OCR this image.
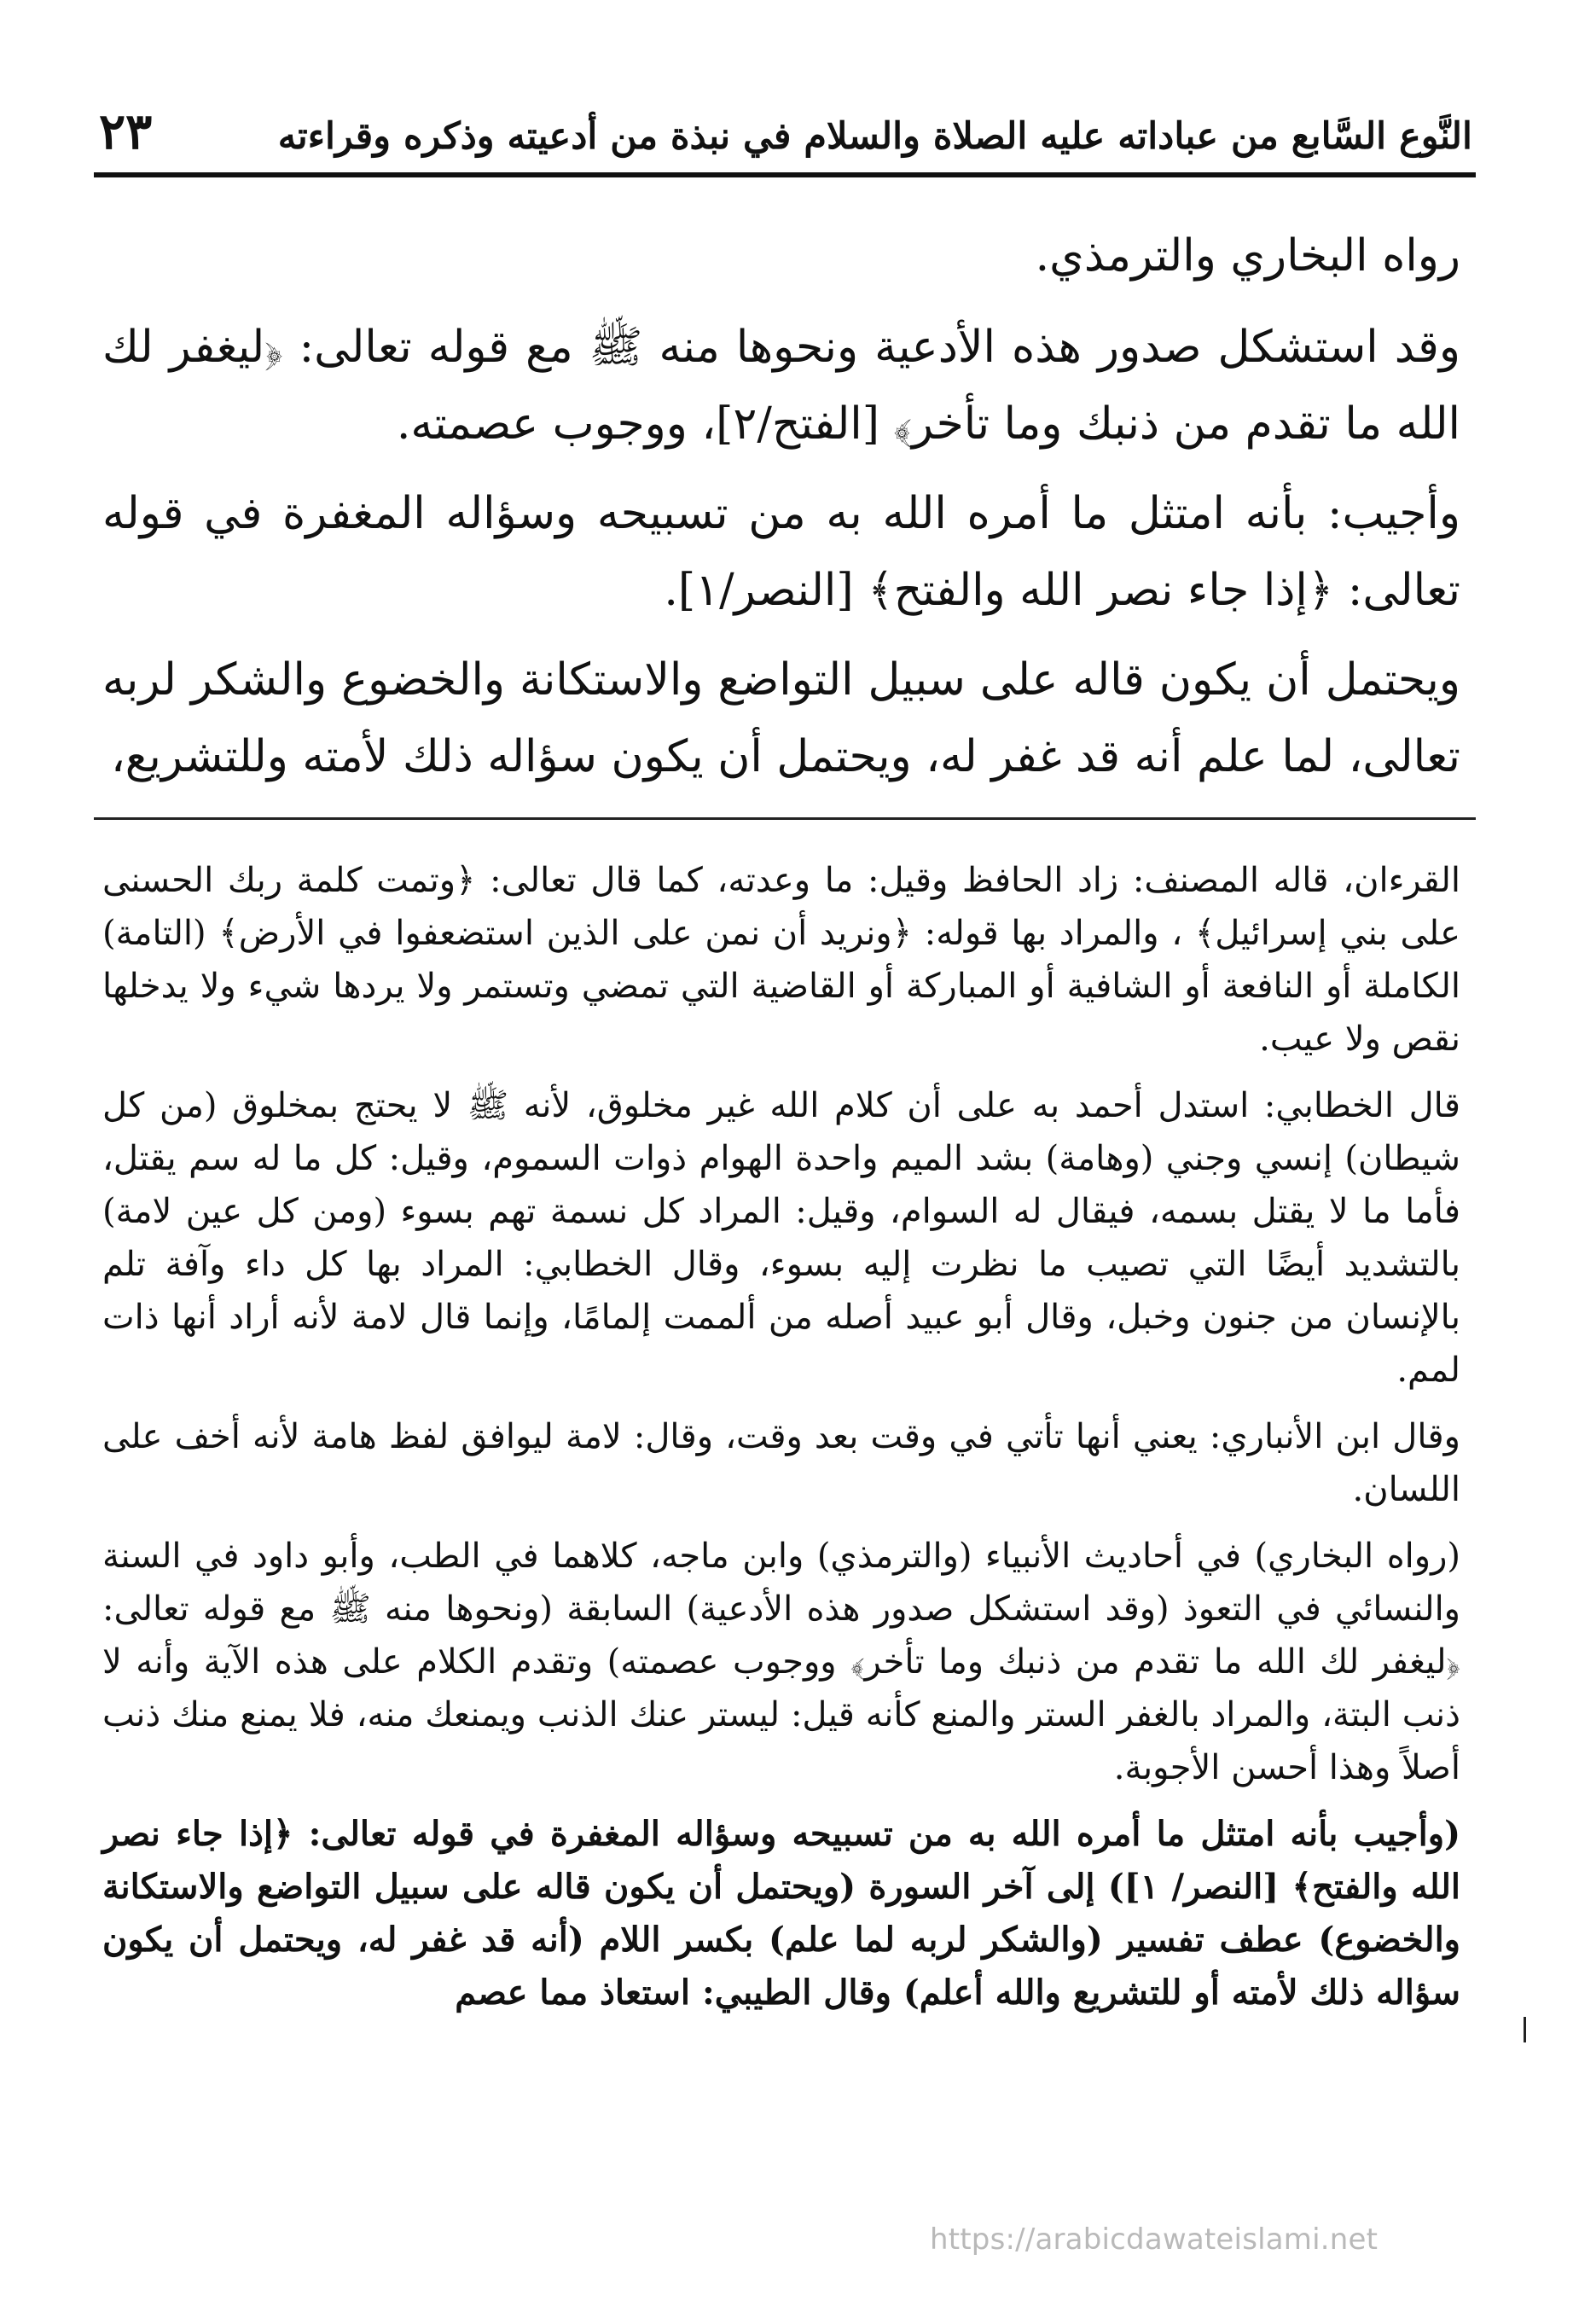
النَّوع السَّابع من عباداته عليه الصلاة والسلام في نبذة من أدعيته وذكره وقراءته
٢٣

رواه البخاري والترمذي.

وقد استشكل صدور هذه الأدعية ونحوها منه ﷺ مع قوله تعالى: ﴿ليغفر لك الله ما تقدم من ذنبك وما تأخر﴾ [الفتح/٢]، ووجوب عصمته.

وأجيب: بأنه امتثل ما أمره الله به من تسبيحه وسؤاله المغفرة في قوله تعالى: ﴿إذا جاء نصر الله والفتح﴾ [النصر/١].

ويحتمل أن يكون قاله على سبيل التواضع والاستكانة والخضوع والشكر لربه تعالى، لما علم أنه قد غفر له، ويحتمل أن يكون سؤاله ذلك لأمته وللتشريع،

القرءان، قاله المصنف: زاد الحافظ وقيل: ما وعدته، كما قال تعالى: ﴿وتمت كلمة ربك الحسنى على بني إسرائيل﴾ ، والمراد بها قوله: ﴿ونريد أن نمن على الذين استضعفوا في الأرض﴾ (التامة) الكاملة أو النافعة أو الشافية أو المباركة أو القاضية التي تمضي وتستمر ولا يردها شيء ولا يدخلها نقص ولا عيب.

قال الخطابي: استدل أحمد به على أن كلام الله غير مخلوق، لأنه ﷺ لا يحتج بمخلوق (من كل شيطان) إنسي وجني (وهامة) بشد الميم واحدة الهوام ذوات السموم، وقيل: كل ما له سم يقتل، فأما ما لا يقتل بسمه، فيقال له السوام، وقيل: المراد كل نسمة تهم بسوء (ومن كل عين لامة) بالتشديد أيضًا التي تصيب ما نظرت إليه بسوء، وقال الخطابي: المراد بها كل داء وآفة تلم بالإنسان من جنون وخبل، وقال أبو عبيد أصله من ألممت إلمامًا، وإنما قال لامة لأنه أراد أنها ذات لمم.

وقال ابن الأنباري: يعني أنها تأتي في وقت بعد وقت، وقال: لامة ليوافق لفظ هامة لأنه أخف على اللسان.

(رواه البخاري) في أحاديث الأنبياء (والترمذي) وابن ماجه، كلاهما في الطب، وأبو داود في السنة والنسائي في التعوذ (وقد استشكل صدور هذه الأدعية) السابقة (ونحوها منه ﷺ مع قوله تعالى: ﴿ليغفر لك الله ما تقدم من ذنبك وما تأخر﴾ ووجوب عصمته) وتقدم الكلام على هذه الآية وأنه لا ذنب البتة، والمراد بالغفر الستر والمنع كأنه قيل: ليستر عنك الذنب ويمنعك منه، فلا يمنع منك ذنب أصلاً وهذا أحسن الأجوبة.

(وأجيب بأنه امتثل ما أمره الله به من تسبيحه وسؤاله المغفرة في قوله تعالى: ﴿إذا جاء نصر الله والفتح﴾ [النصر/ ١]) إلى آخر السورة (ويحتمل أن يكون قاله على سبيل التواضع والاستكانة والخضوع) عطف تفسير (والشكر لربه لما علم) بكسر اللام (أنه قد غفر له، ويحتمل أن يكون سؤاله ذلك لأمته أو للتشريع والله أعلم) وقال الطيبي: استعاذ مما عصم

https://arabicdawateislami.net
